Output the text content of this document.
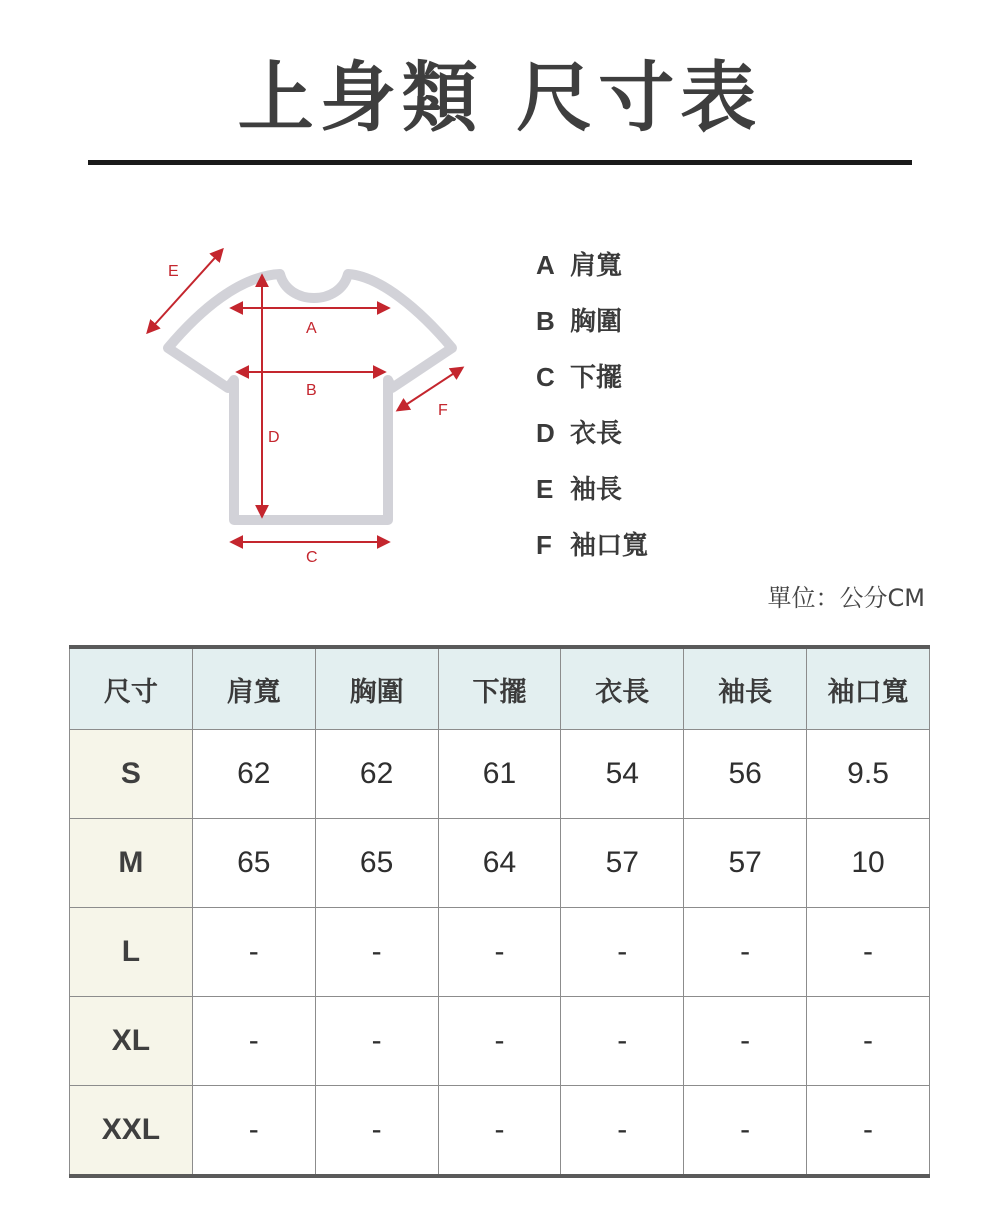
上身類 尺寸表
E
A
B
F
D
C
A 肩寬
B 胸圍
C 下擺
D 衣長
E 袖長
F 袖口寬
單位：公分CM
尺寸	肩寬	胸圍	下擺	衣長	袖長	袖口寬
S	62	62	61	54	56	9.5
M	65	65	64	57	57	10
L	-	-	-	-	-	-
XL	-	-	-	-	-	-
XXL	-	-	-	-	-	-
